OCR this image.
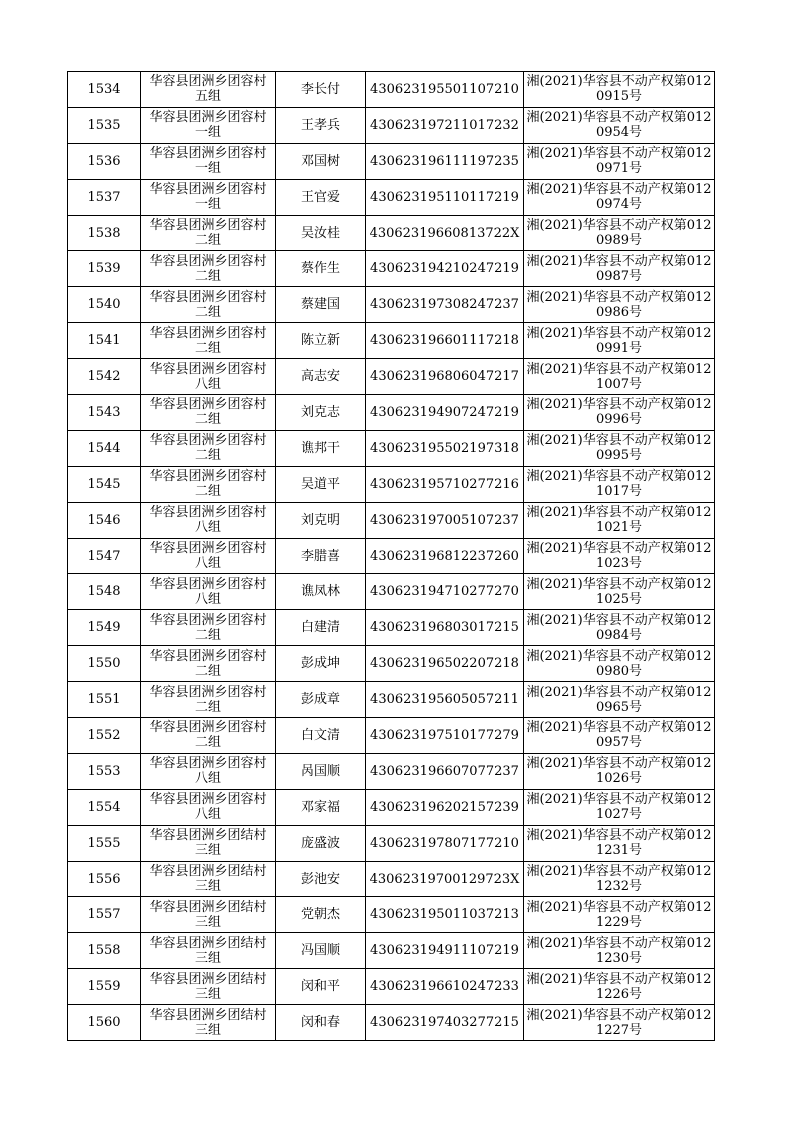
1534	华容县团洲乡团容村五组	李长付	430623195501107210	湘(2021)华容县不动产权第0120915号

1535	华容县团洲乡团容村一组	王孝兵	430623197211017232	湘(2021)华容县不动产权第0120954号

1536	华容县团洲乡团容村一组	邓国树	430623196111197235	湘(2021)华容县不动产权第0120971号

1537	华容县团洲乡团容村一组	王官爱	430623195110117219	湘(2021)华容县不动产权第0120974号

1538	华容县团洲乡团容村二组	吴汝桂	43062319660813722X	湘(2021)华容县不动产权第0120989号

1539	华容县团洲乡团容村二组	蔡作生	430623194210247219	湘(2021)华容县不动产权第0120987号

1540	华容县团洲乡团容村二组	蔡建国	430623197308247237	湘(2021)华容县不动产权第0120986号

1541	华容县团洲乡团容村二组	陈立新	430623196601117218	湘(2021)华容县不动产权第0120991号

1542	华容县团洲乡团容村八组	高志安	430623196806047217	湘(2021)华容县不动产权第0121007号

1543	华容县团洲乡团容村二组	刘克志	430623194907247219	湘(2021)华容县不动产权第0120996号

1544	华容县团洲乡团容村二组	谯邦干	430623195502197318	湘(2021)华容县不动产权第0120995号

1545	华容县团洲乡团容村二组	吴道平	430623195710277216	湘(2021)华容县不动产权第0121017号

1546	华容县团洲乡团容村八组	刘克明	430623197005107237	湘(2021)华容县不动产权第0121021号

1547	华容县团洲乡团容村八组	李腊喜	430623196812237260	湘(2021)华容县不动产权第0121023号

1548	华容县团洲乡团容村八组	谯凤林	430623194710277270	湘(2021)华容县不动产权第0121025号

1549	华容县团洲乡团容村二组	白建清	430623196803017215	湘(2021)华容县不动产权第0120984号

1550	华容县团洲乡团容村二组	彭成坤	430623196502207218	湘(2021)华容县不动产权第0120980号

1551	华容县团洲乡团容村二组	彭成章	430623195605057211	湘(2021)华容县不动产权第0120965号

1552	华容县团洲乡团容村二组	白文清	430623197510177279	湘(2021)华容县不动产权第0120957号

1553	华容县团洲乡团容村八组	呙国顺	430623196607077237	湘(2021)华容县不动产权第0121026号

1554	华容县团洲乡团容村八组	邓家福	430623196202157239	湘(2021)华容县不动产权第0121027号

1555	华容县团洲乡团结村三组	庞盛波	430623197807177210	湘(2021)华容县不动产权第0121231号

1556	华容县团洲乡团结村三组	彭池安	43062319700129723X	湘(2021)华容县不动产权第0121232号

1557	华容县团洲乡团结村三组	党朝杰	430623195011037213	湘(2021)华容县不动产权第0121229号

1558	华容县团洲乡团结村三组	冯国顺	430623194911107219	湘(2021)华容县不动产权第0121230号

1559	华容县团洲乡团结村三组	闵和平	430623196610247233	湘(2021)华容县不动产权第0121226号

1560	华容县团洲乡团结村三组	闵和春	430623197403277215	湘(2021)华容县不动产权第0121227号
